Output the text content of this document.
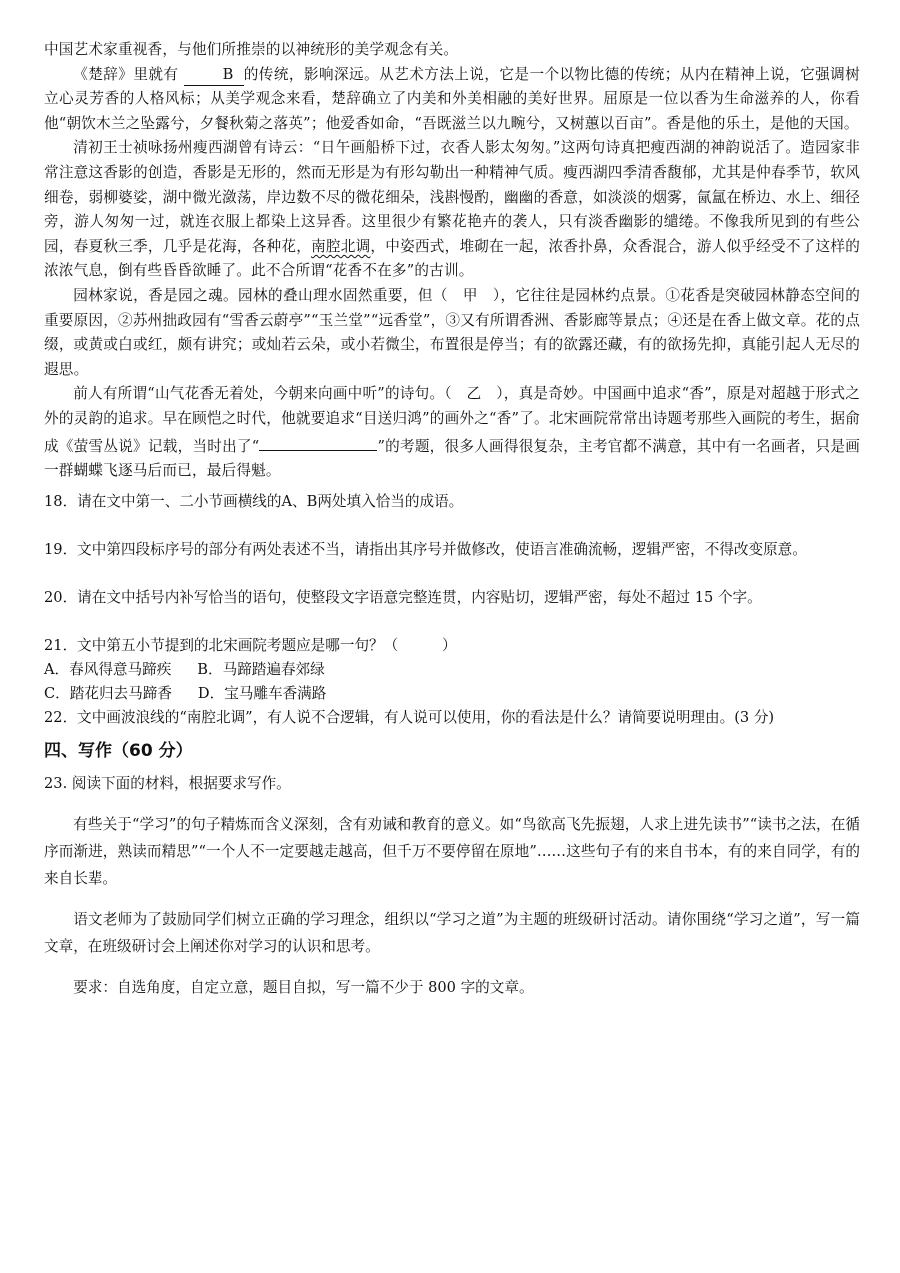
中国艺术家重视香，与他们所推崇的以神统形的美学观念有关。

《楚辞》里就有	B 的传统，影响深远。从艺术方法上说，它是一个以物比德的传统；从内在精神上说，它强调树立心灵芳香的人格风标；从美学观念来看，楚辞确立了内美和外美相融的美好世界。屈原是一位以香为生命滋养的人，你看他“朝饮木兰之坠露兮，夕餐秋菊之落英”；他爱香如命，“吾既滋兰以九畹兮，又树蕙以百亩”。香是他的乐土，是他的天国。

清初王士祯咏扬州瘦西湖曾有诗云：“日午画船桥下过，衣香人影太匆匆。”这两句诗真把瘦西湖的神韵说活了。造园家非常注意这香影的创造，香影是无形的，然而无形是为有形勾勒出一种精神气质。瘦西湖四季清香馥郁，尤其是仲春季节，软风细卷，弱柳婆娑，湖中微光潋荡，岸边数不尽的微花细朵，浅斟慢酌，幽幽的香意，如淡淡的烟雾，氤氲在桥边、水上、细径旁，游人匆匆一过，就连衣服上都染上这异香。这里很少有繁花艳卉的袭人，只有淡香幽影的缱绻。不像我所见到的有些公园，春夏秋三季，几乎是花海，各种花，南腔北调，中姿西式，堆砌在一起，浓香扑鼻，众香混合，游人似乎经受不了这样的浓浓气息，倒有些昏昏欲睡了。此不合所谓“花香不在多”的古训。

园林家说，香是园之魂。园林的叠山理水固然重要，但（　甲　），它往往是园林约点景。①花香是突破园林静态空间的重要原因，②苏州拙政园有“雪香云蔚亭”“玉兰堂”“远香堂”，③又有所谓香洲、香影廊等景点；④还是在香上做文章。花的点缀，或黄或白或红，颇有讲究；或灿若云朵，或小若微尘，布置很是停当；有的欲露还藏，有的欲扬先抑，真能引起人无尽的遐思。

前人有所谓“山气花香无着处，今朝来向画中听”的诗句。（　乙　），真是奇妙。中国画中追求“香”，原是对超越于形式之外的灵韵的追求。早在顾恺之时代，他就要追求“目送归鸿”的画外之“香”了。北宋画院常常出诗题考那些入画院的考生，据俞成《萤雪丛说》记载，当时出了“	”的考题，很多人画得很复杂，主考官都不满意，其中有一名画者，只是画一群蝴蝶飞逐马后而已，最后得魁。

18．请在文中第一、二小节画横线的A、B两处填入恰当的成语。

19．文中第四段标序号的部分有两处表述不当，请指出其序号并做修改，使语言准确流畅，逻辑严密，不得改变原意。

20．请在文中括号内补写恰当的语句，使整段文字语意完整连贯，内容贴切，逻辑严密，每处不超过 15 个字。

21．文中第五小节提到的北宋画院考题应是哪一句？（　　　）

A．春风得意马蹄疾 B．马蹄踏遍春郊绿

C．踏花归去马蹄香 D．宝马雕车香满路

22．文中画波浪线的“南腔北调”，有人说不合逻辑，有人说可以使用，你的看法是什么？请简要说明理由。(3 分)

四、写作（60 分）

23. 阅读下面的材料，根据要求写作。

有些关于“学习”的句子精炼而含义深刻，含有劝诫和教育的意义。如“鸟欲高飞先振翅，人求上进先读书”“读书之法，在循序而渐进，熟读而精思”“一个人不一定要越走越高，但千万不要停留在原地”……这些句子有的来自书本，有的来自同学，有的来自长辈。

语文老师为了鼓励同学们树立正确的学习理念，组织以“学习之道”为主题的班级研讨活动。请你围绕“学习之道”，写一篇文章，在班级研讨会上阐述你对学习的认识和思考。

要求：自选角度，自定立意，题目自拟，写一篇不少于 800 字的文章。
